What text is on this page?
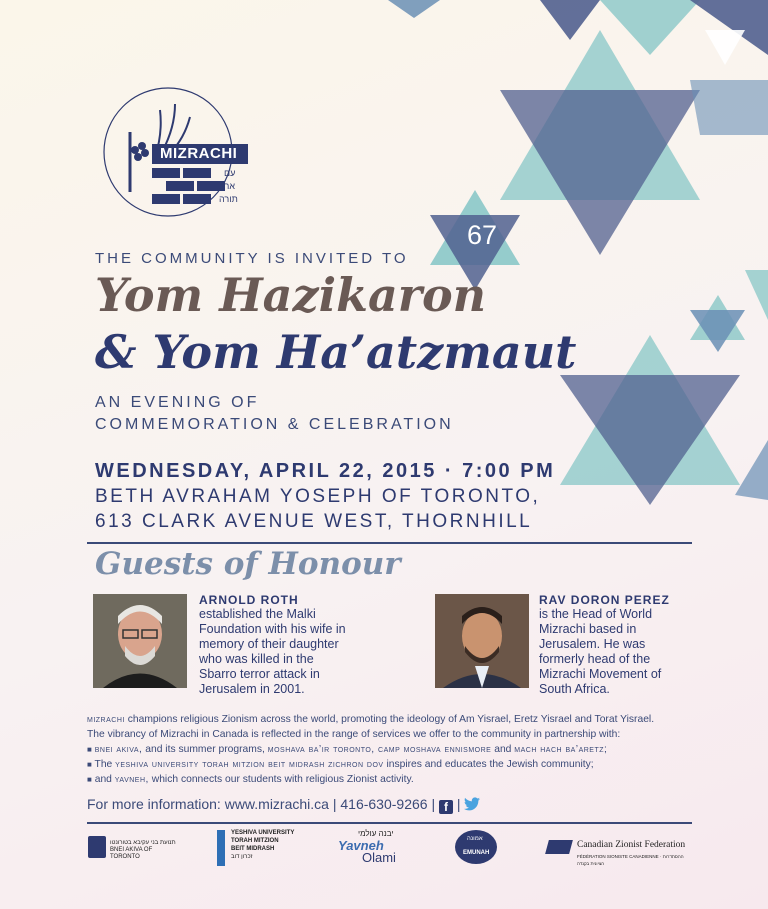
MIZRACHI
עם
ארץ
תורה
67
THE COMMUNITY IS INVITED TO
Yom Hazikaron
& Yom Ha’atzmaut
AN EVENING OF
COMMEMORATION & CELEBRATION
WEDNESDAY, APRIL 22, 2015 · 7:00 PM
BETH AVRAHAM YOSEPH OF TORONTO,
613 CLARK AVENUE WEST, THORNHILL
Guests of Honour
ARNOLD ROTH
established the Malki
Foundation with his wife in
memory of their daughter
who was killed in the
Sbarro terror attack in
Jerusalem in 2001.
RAV DORON PEREZ
is the Head of World
Mizrachi based in
Jerusalem. He was
formerly head of the
Mizrachi Movement of
South Africa.
mizrachi champions religious Zionism across the world, promoting the ideology of Am Yisrael, Eretz Yisrael and Torat Yisrael.
The vibrancy of Mizrachi in Canada is reflected in the range of services we offer to the community in partnership with:
■ bnei akiva, and its summer programs, moshava ba’ir toronto, camp moshava ennismore and mach hach ba’aretz;
■ The yeshiva university torah mitzion beit midrash zichron dov inspires and educates the Jewish community;
■ and yavneh, which connects our students with religious Zionist activity.
For more information: www.mizrachi.ca | 416-630-9266 | f |
תנועת בני עקיבא בטורונטו
BNEI AKIVA OF TORONTO
YESHIVA UNIVERSITY
TORAH MITZION
BEIT MIDRASH
זכרון דוב
יבנה עולמי
Yavneh
Olami
אמונה
EMUNAH
Canadian Zionist Federation
FÉDÉRATION SIONISTE CANADIENNE · ההסתדרות הציונית בקנדה
